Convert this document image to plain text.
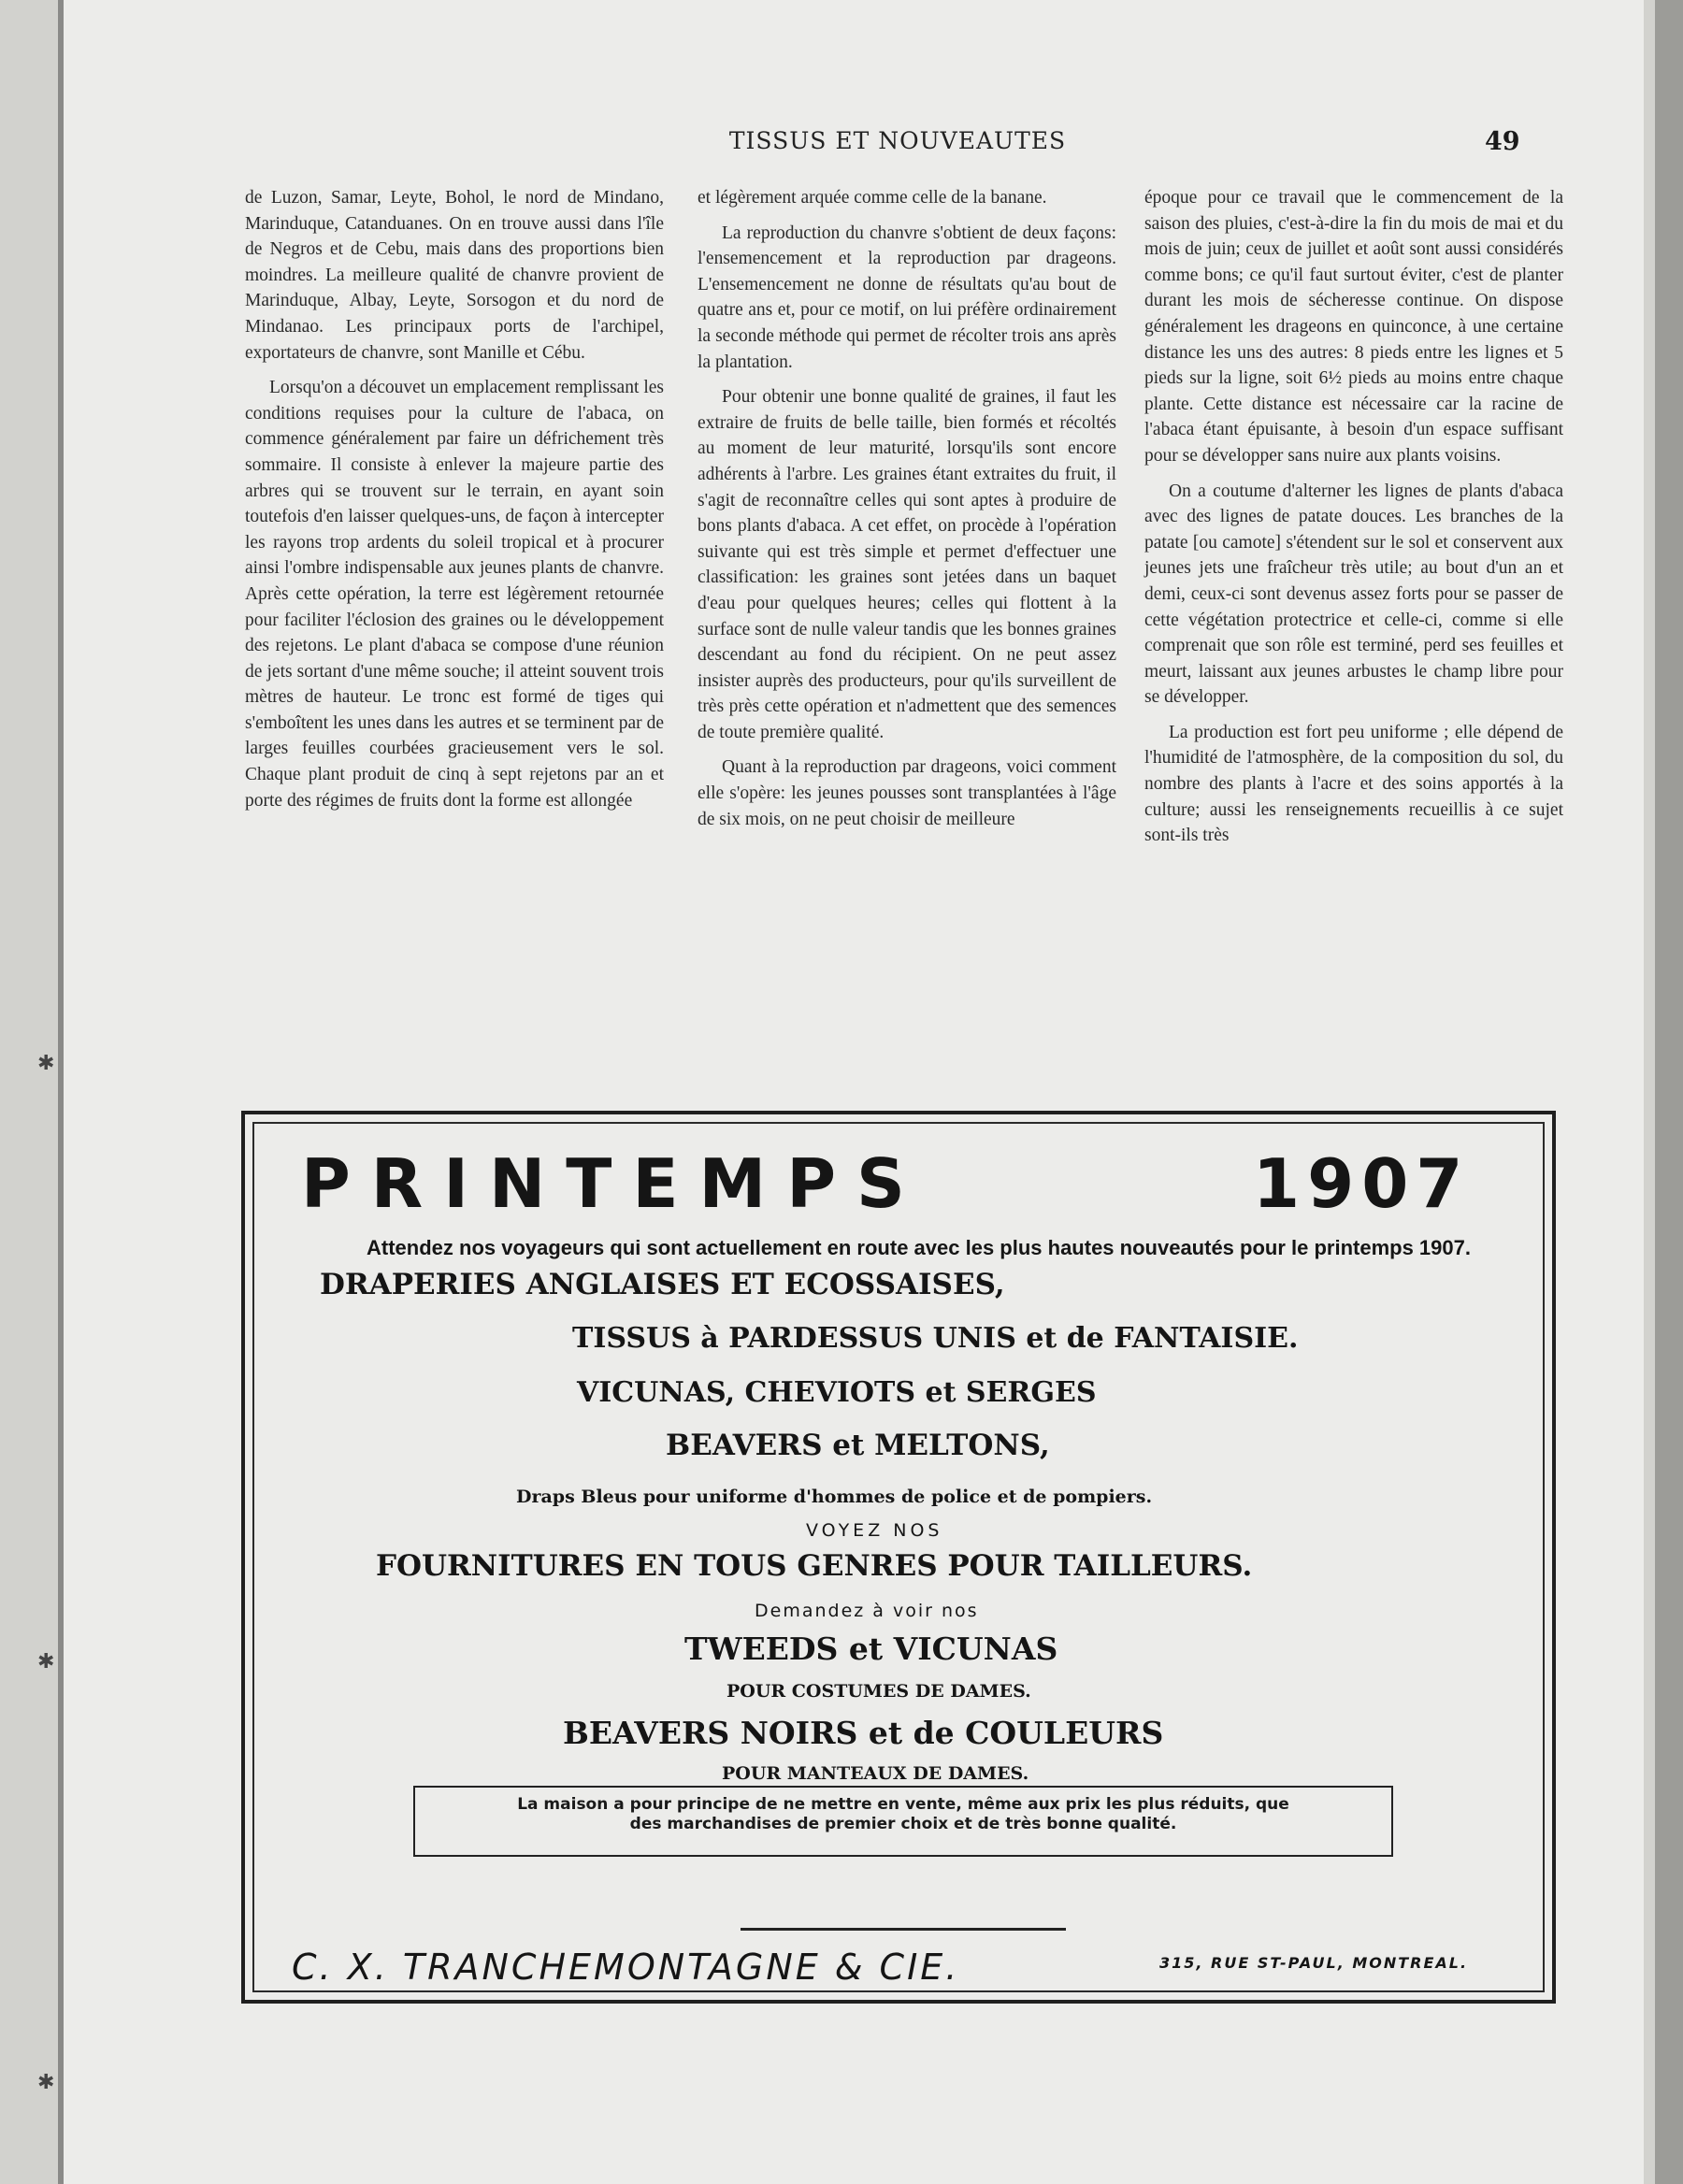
✱
✱
✱
TISSUS ET NOUVEAUTES	49

de Luzon, Samar, Leyte, Bohol, le nord de Mindano, Marinduque, Catanduanes. On en trouve aussi dans l'île de Negros et de Cebu, mais dans des proportions bien moindres. La meilleure qualité de chanvre provient de Marinduque, Albay, Leyte, Sorsogon et du nord de Mindanao. Les principaux ports de l'archipel, exportateurs de chanvre, sont Manille et Cébu.

Lorsqu'on a découvet un emplacement remplissant les conditions requises pour la culture de l'abaca, on commence généralement par faire un défrichement très sommaire. Il consiste à enlever la majeure partie des arbres qui se trouvent sur le terrain, en ayant soin toutefois d'en laisser quelques-uns, de façon à intercepter les rayons trop ardents du soleil tropical et à procurer ainsi l'ombre indispensable aux jeunes plants de chanvre. Après cette opération, la terre est légèrement retournée pour faciliter l'éclosion des graines ou le développement des rejetons. Le plant d'abaca se compose d'une réunion de jets sortant d'une même souche; il atteint souvent trois mètres de hauteur. Le tronc est formé de tiges qui s'emboîtent les unes dans les autres et se terminent par de larges feuilles courbées gracieusement vers le sol. Chaque plant produit de cinq à sept rejetons par an et porte des régimes de fruits dont la forme est allongée

et légèrement arquée comme celle de la banane.

La reproduction du chanvre s'obtient de deux façons: l'ensemencement et la reproduction par drageons. L'ensemencement ne donne de résultats qu'au bout de quatre ans et, pour ce motif, on lui préfère ordinairement la seconde méthode qui permet de récolter trois ans après la plantation.

Pour obtenir une bonne qualité de graines, il faut les extraire de fruits de belle taille, bien formés et récoltés au moment de leur maturité, lorsqu'ils sont encore adhérents à l'arbre. Les graines étant extraites du fruit, il s'agit de reconnaître celles qui sont aptes à produire de bons plants d'abaca. A cet effet, on procède à l'opération suivante qui est très simple et permet d'effectuer une classification: les graines sont jetées dans un baquet d'eau pour quelques heures; celles qui flottent à la surface sont de nulle valeur tandis que les bonnes graines descendant au fond du récipient. On ne peut assez insister auprès des producteurs, pour qu'ils surveillent de très près cette opération et n'admettent que des semences de toute première qualité.

Quant à la reproduction par drageons, voici comment elle s'opère: les jeunes pousses sont transplantées à l'âge de six mois, on ne peut choisir de meilleure

époque pour ce travail que le commencement de la saison des pluies, c'est-à-dire la fin du mois de mai et du mois de juin; ceux de juillet et août sont aussi considérés comme bons; ce qu'il faut surtout éviter, c'est de planter durant les mois de sécheresse continue. On dispose généralement les drageons en quinconce, à une certaine distance les uns des autres: 8 pieds entre les lignes et 5 pieds sur la ligne, soit 6½ pieds au moins entre chaque plante. Cette distance est nécessaire car la racine de l'abaca étant épuisante, à besoin d'un espace suffisant pour se développer sans nuire aux plants voisins.

On a coutume d'alterner les lignes de plants d'abaca avec des lignes de patate douces. Les branches de la patate [ou camote] s'étendent sur le sol et conservent aux jeunes jets une fraîcheur très utile; au bout d'un an et demi, ceux-ci sont devenus assez forts pour se passer de cette végétation protectrice et celle-ci, comme si elle comprenait que son rôle est terminé, perd ses feuilles et meurt, laissant aux jeunes arbustes le champ libre pour se développer.

La production est fort peu uniforme ; elle dépend de l'humidité de l'atmosphère, de la composition du sol, du nombre des plants à l'acre et des soins apportés à la culture; aussi les renseignements recueillis à ce sujet sont-ils très

PRINTEMPS	1907
Attendez nos voyageurs qui sont actuellement en route avec les plus hautes nouveautés pour le printemps 1907.
DRAPERIES ANGLAISES ET ECOSSAISES,
TISSUS à PARDESSUS UNIS et de FANTAISIE.
VICUNAS, CHEVIOTS et SERGES
BEAVERS et MELTONS,
Draps Bleus pour uniforme d'hommes de police et de pompiers.
VOYEZ NOS
FOURNITURES EN TOUS GENRES POUR TAILLEURS.
Demandez à voir nos
TWEEDS et VICUNAS
POUR COSTUMES DE DAMES.
BEAVERS NOIRS et de COULEURS
POUR MANTEAUX DE DAMES.
La maison a pour principe de ne mettre en vente, même aux prix les plus réduits, que
des marchandises de premier choix et de très bonne qualité.
C. X. TRANCHEMONTAGNE & CIE.	315, RUE ST-PAUL, MONTREAL.
